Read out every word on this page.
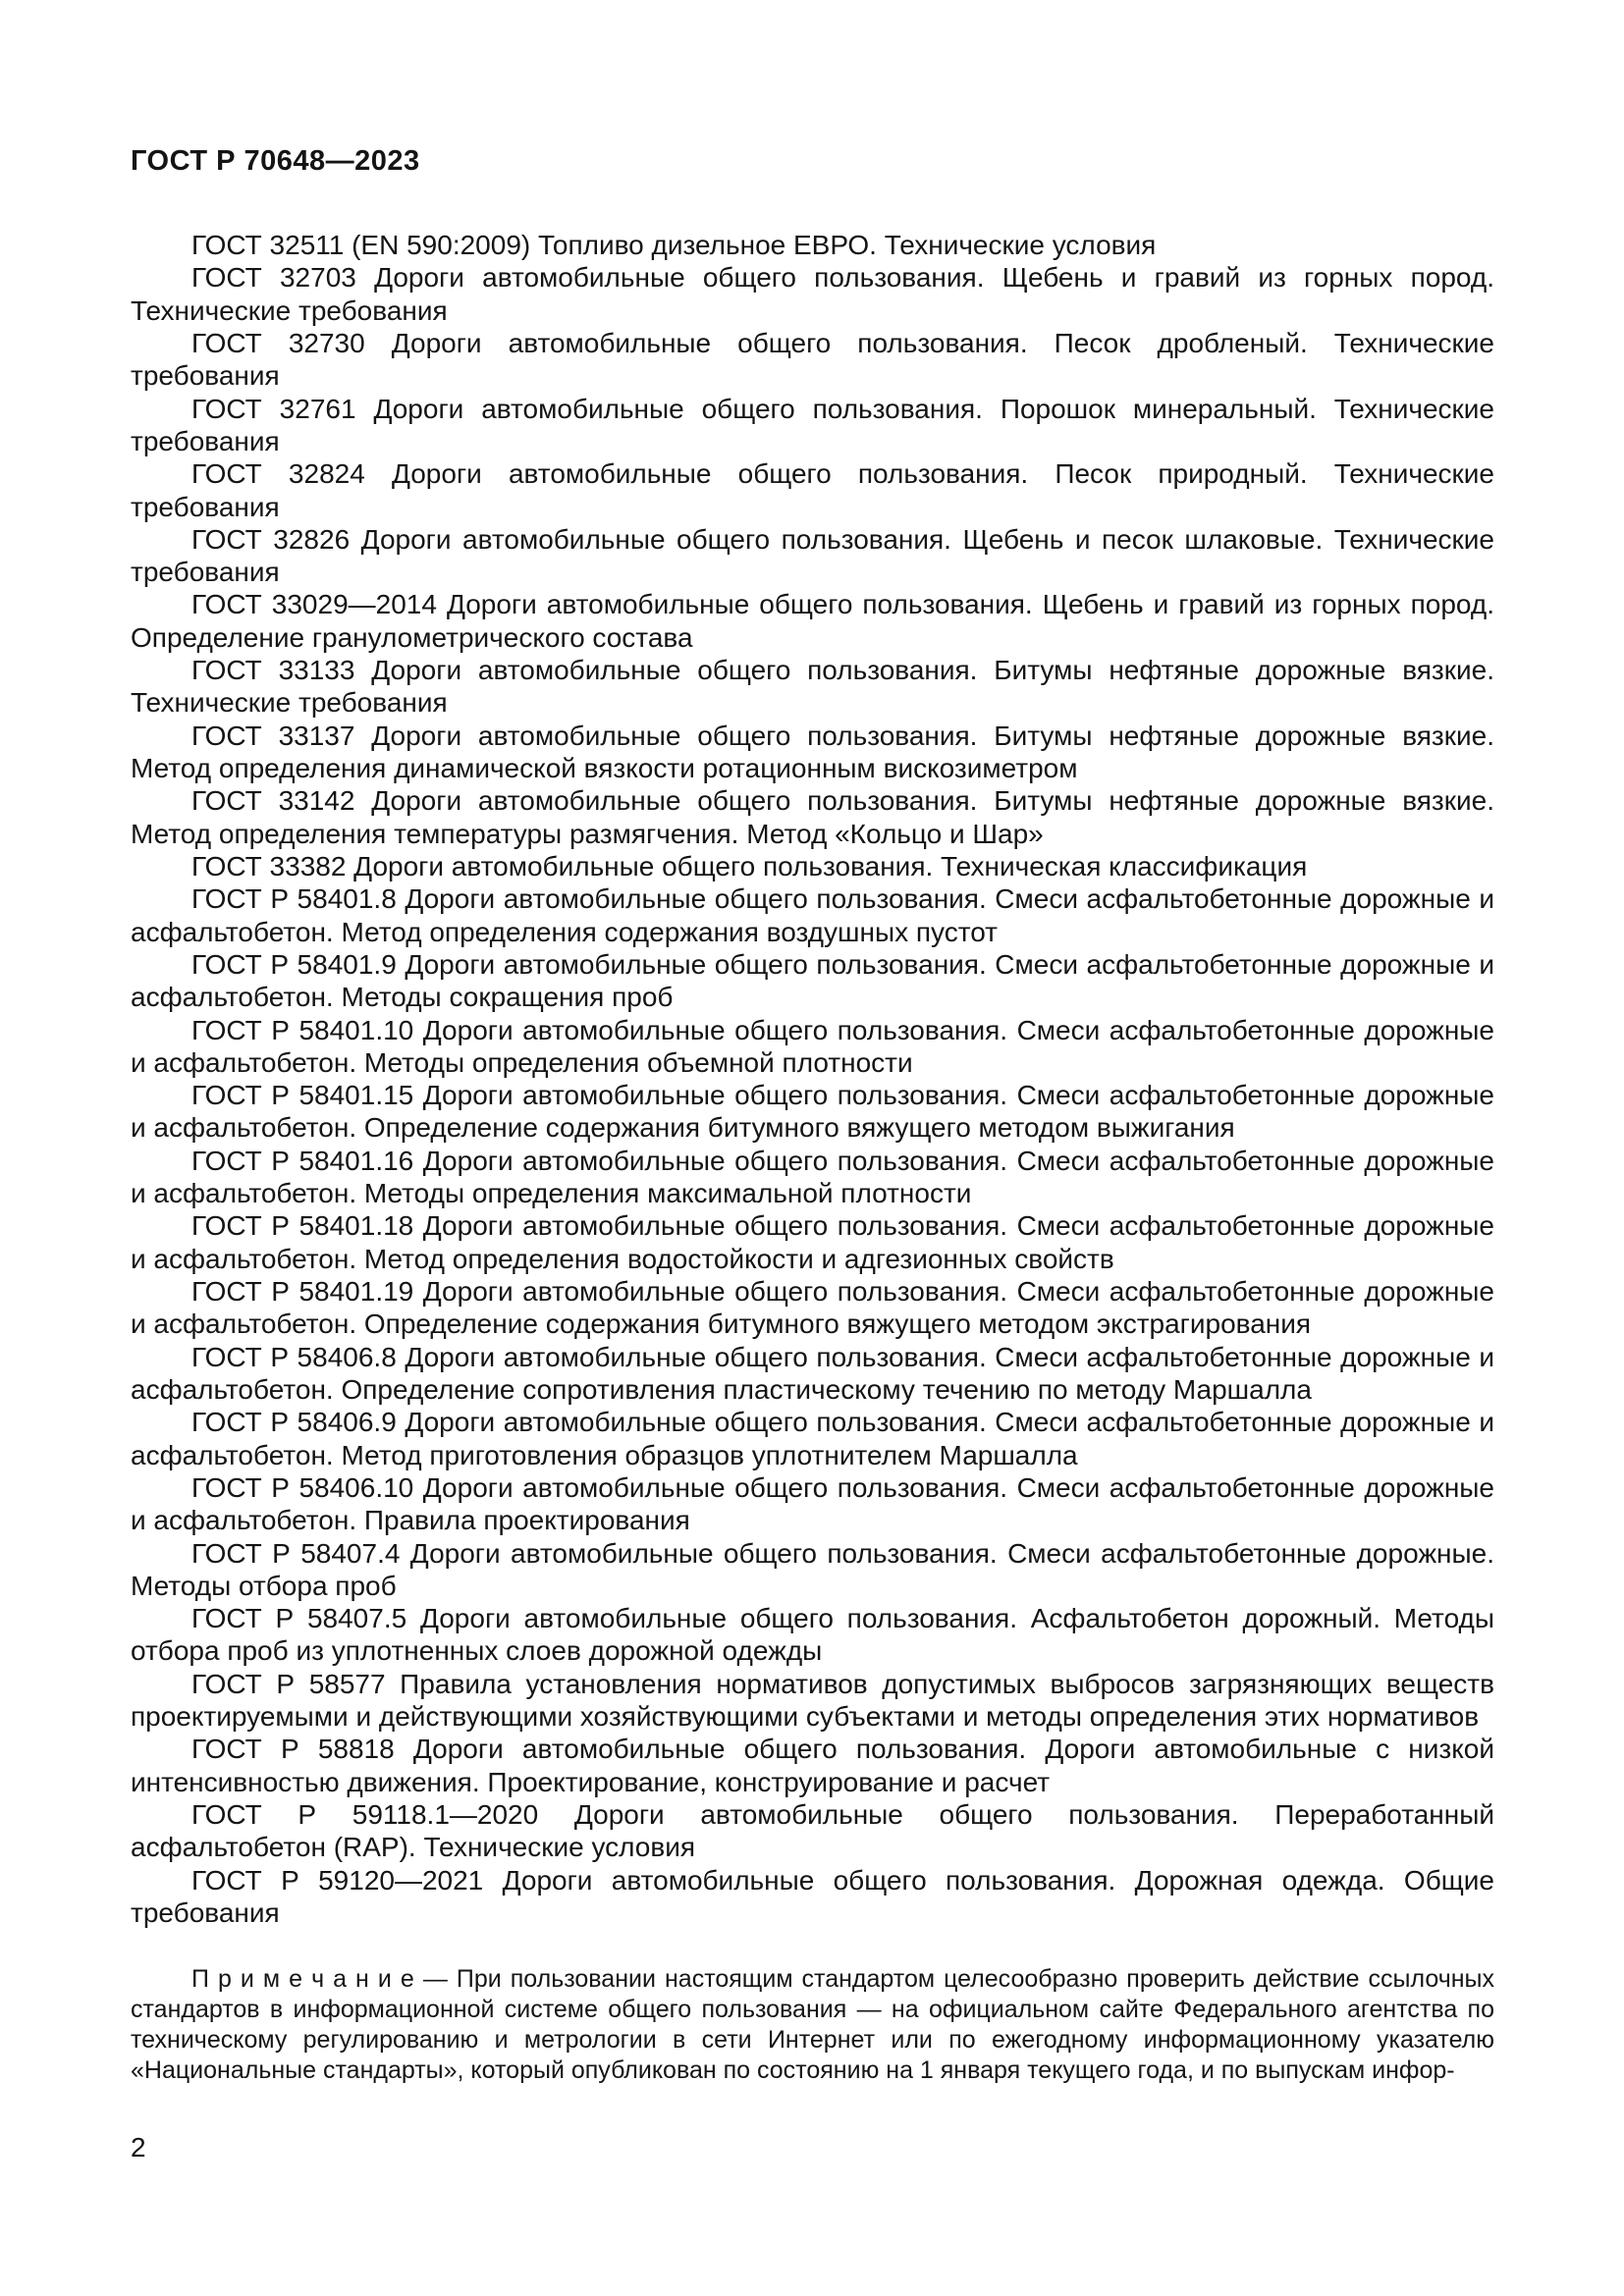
ГОСТ Р 70648—2023

ГОСТ 32511 (EN 590:2009) Топливо дизельное ЕВРО. Технические условия

ГОСТ 32703 Дороги автомобильные общего пользования. Щебень и гравий из горных пород. Технические требования

ГОСТ 32730 Дороги автомобильные общего пользования. Песок дробленый. Технические требования

ГОСТ 32761 Дороги автомобильные общего пользования. Порошок минеральный. Технические требования

ГОСТ 32824 Дороги автомобильные общего пользования. Песок природный. Технические требования

ГОСТ 32826 Дороги автомобильные общего пользования. Щебень и песок шлаковые. Технические требования

ГОСТ 33029—2014 Дороги автомобильные общего пользования. Щебень и гравий из горных пород. Определение гранулометрического состава

ГОСТ 33133 Дороги автомобильные общего пользования. Битумы нефтяные дорожные вязкие. Технические требования

ГОСТ 33137 Дороги автомобильные общего пользования. Битумы нефтяные дорожные вязкие. Метод определения динамической вязкости ротационным вискозиметром

ГОСТ 33142 Дороги автомобильные общего пользования. Битумы нефтяные дорожные вязкие. Метод определения температуры размягчения. Метод «Кольцо и Шар»

ГОСТ 33382 Дороги автомобильные общего пользования. Техническая классификация

ГОСТ Р 58401.8 Дороги автомобильные общего пользования. Смеси асфальтобетонные дорожные и асфальтобетон. Метод определения содержания воздушных пустот

ГОСТ Р 58401.9 Дороги автомобильные общего пользования. Смеси асфальтобетонные дорожные и асфальтобетон. Методы сокращения проб

ГОСТ Р 58401.10 Дороги автомобильные общего пользования. Смеси асфальтобетонные дорожные и асфальтобетон. Методы определения объемной плотности

ГОСТ Р 58401.15 Дороги автомобильные общего пользования. Смеси асфальтобетонные дорожные и асфальтобетон. Определение содержания битумного вяжущего методом выжигания

ГОСТ Р 58401.16 Дороги автомобильные общего пользования. Смеси асфальтобетонные дорожные и асфальтобетон. Методы определения максимальной плотности

ГОСТ Р 58401.18 Дороги автомобильные общего пользования. Смеси асфальтобетонные дорожные и асфальтобетон. Метод определения водостойкости и адгезионных свойств

ГОСТ Р 58401.19 Дороги автомобильные общего пользования. Смеси асфальтобетонные дорожные и асфальтобетон. Определение содержания битумного вяжущего методом экстрагирования

ГОСТ Р 58406.8 Дороги автомобильные общего пользования. Смеси асфальтобетонные дорожные и асфальтобетон. Определение сопротивления пластическому течению по методу Маршалла

ГОСТ Р 58406.9 Дороги автомобильные общего пользования. Смеси асфальтобетонные дорожные и асфальтобетон. Метод приготовления образцов уплотнителем Маршалла

ГОСТ Р 58406.10 Дороги автомобильные общего пользования. Смеси асфальтобетонные дорожные и асфальтобетон. Правила проектирования

ГОСТ Р 58407.4 Дороги автомобильные общего пользования. Смеси асфальтобетонные дорожные. Методы отбора проб

ГОСТ Р 58407.5 Дороги автомобильные общего пользования. Асфальтобетон дорожный. Методы отбора проб из уплотненных слоев дорожной одежды

ГОСТ Р 58577 Правила установления нормативов допустимых выбросов загрязняющих веществ проектируемыми и действующими хозяйствующими субъектами и методы определения этих нормативов

ГОСТ Р 58818 Дороги автомобильные общего пользования. Дороги автомобильные с низкой интенсивностью движения. Проектирование, конструирование и расчет

ГОСТ Р 59118.1—2020 Дороги автомобильные общего пользования. Переработанный асфальтобетон (RAP). Технические условия

ГОСТ Р 59120—2021 Дороги автомобильные общего пользования. Дорожная одежда. Общие требования

П р и м е ч а н и е — При пользовании настоящим стандартом целесообразно проверить действие ссылочных стандартов в информационной системе общего пользования — на официальном сайте Федерального агентства по техническому регулированию и метрологии в сети Интернет или по ежегодному информационному указателю «Национальные стандарты», который опубликован по состоянию на 1 января текущего года, и по выпускам инфор-

2
